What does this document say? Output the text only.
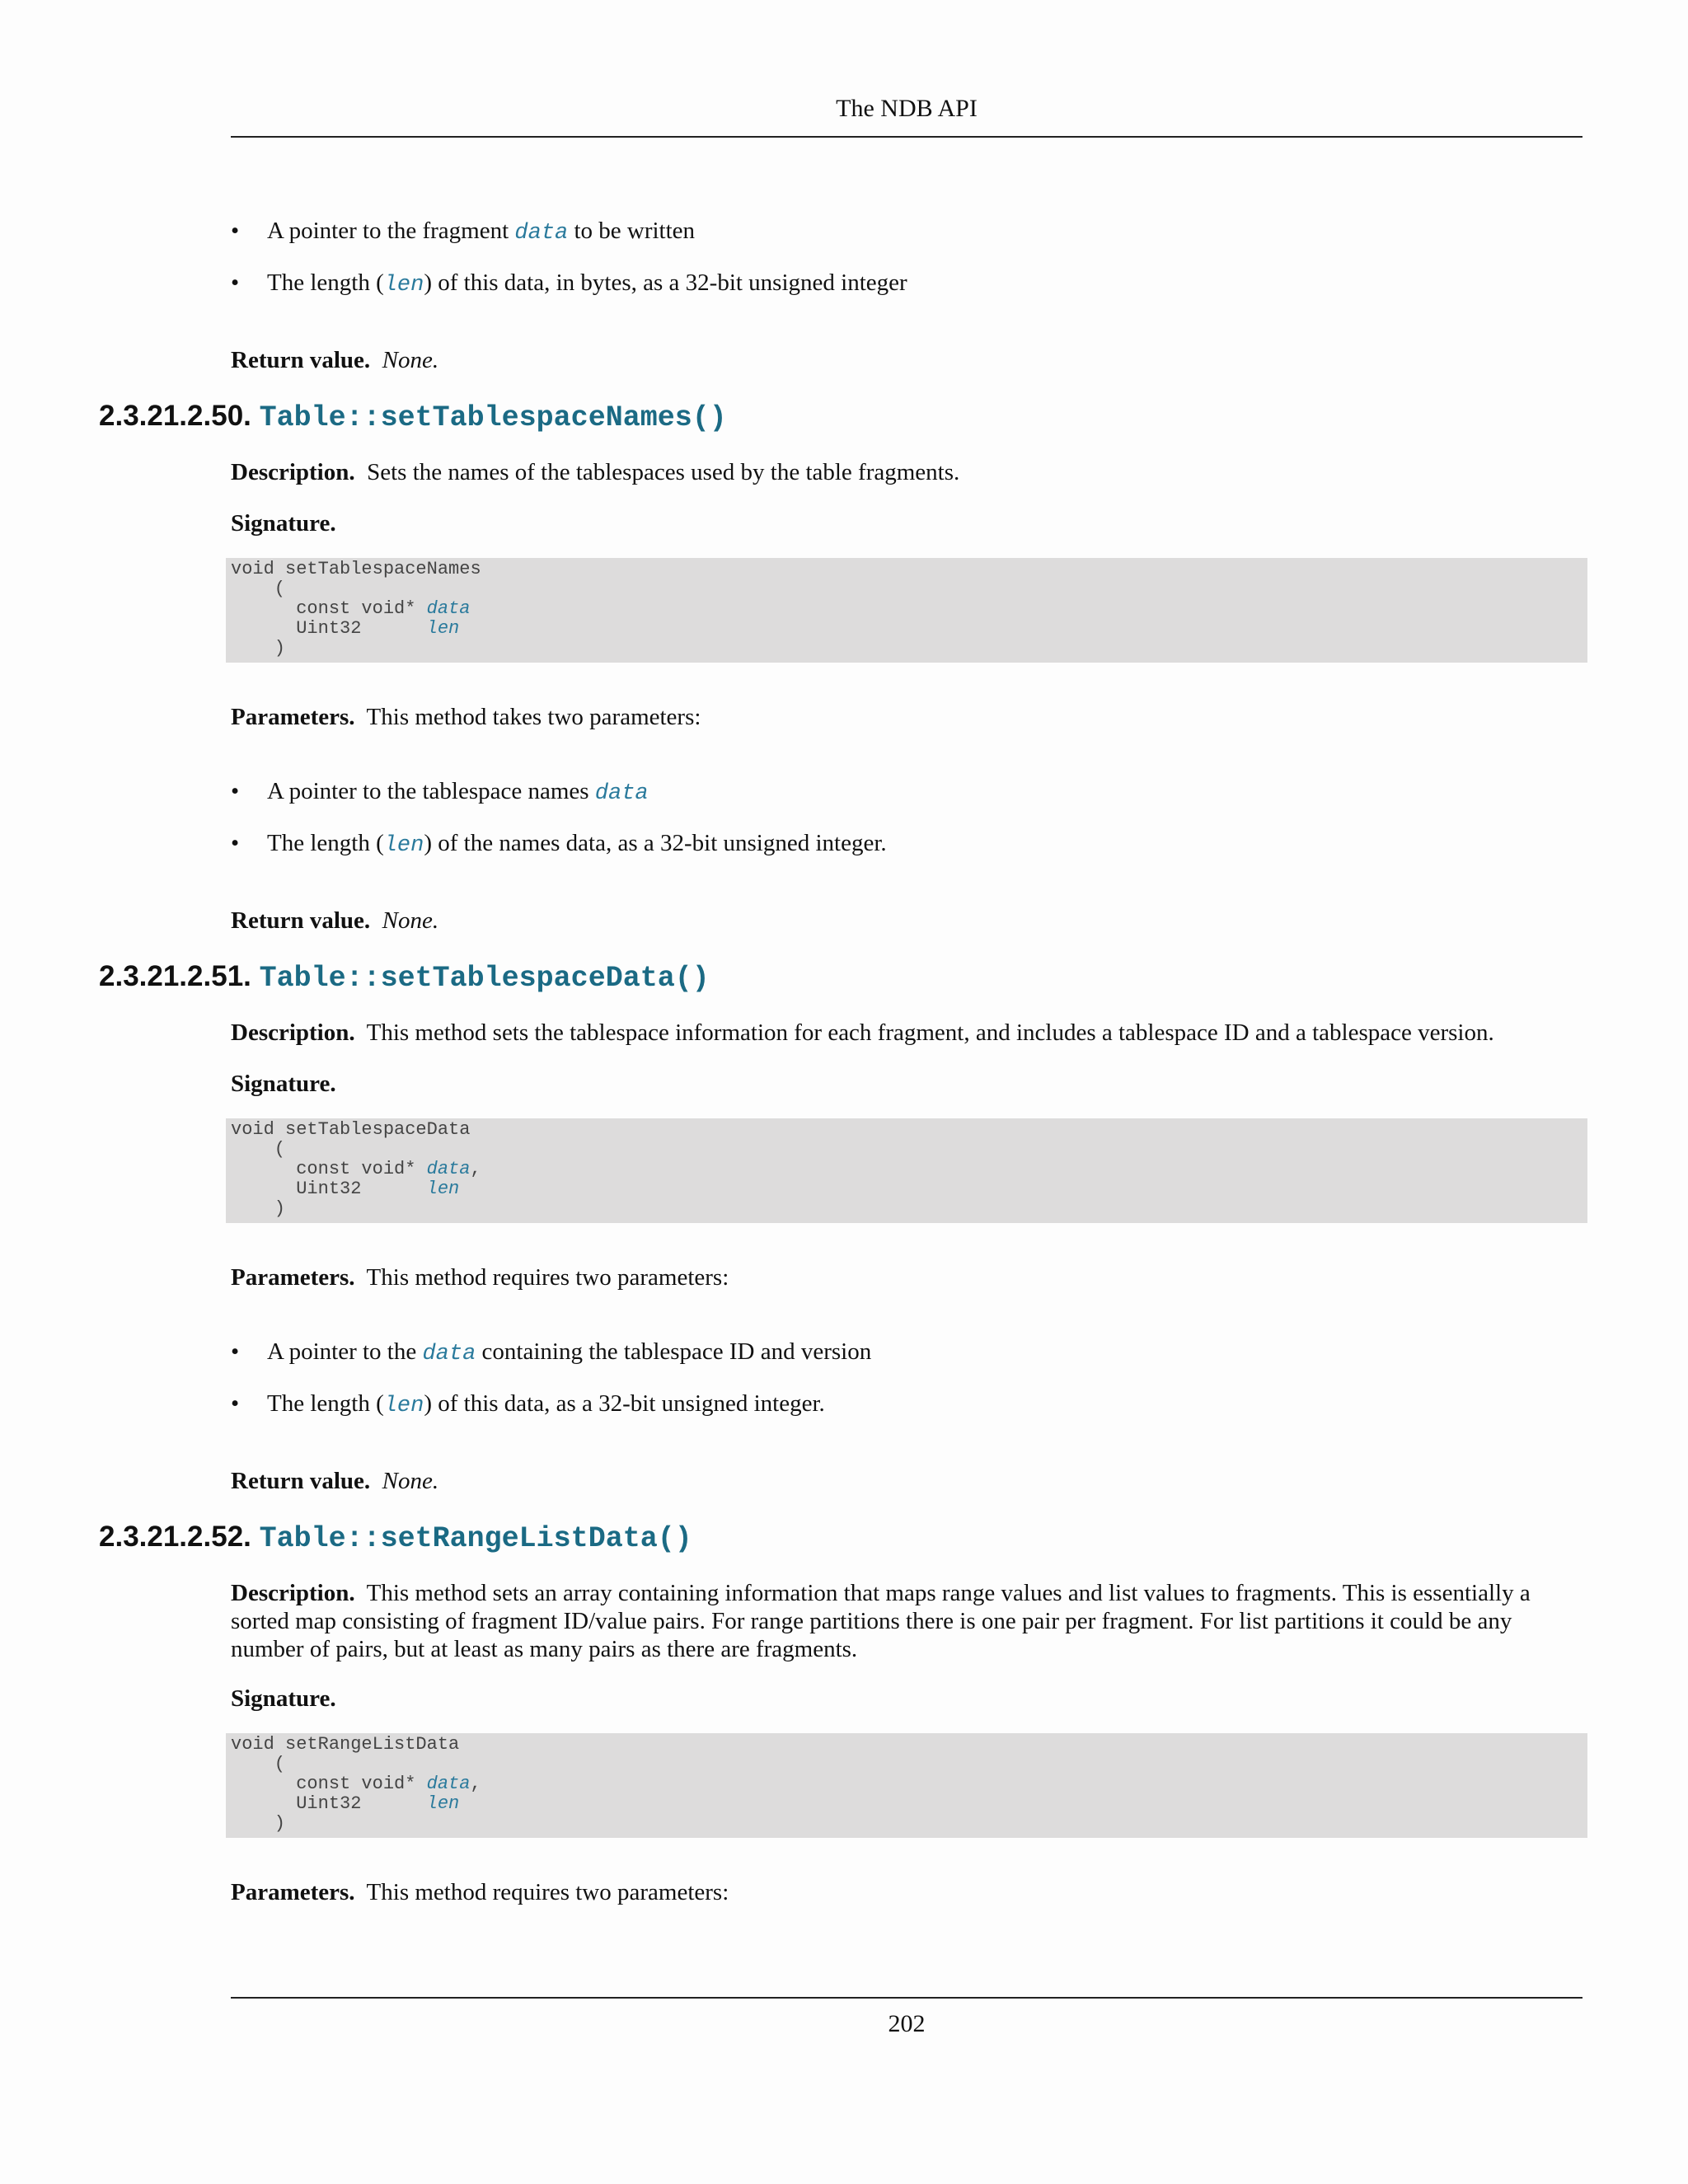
The NDB API
• A pointer to the fragment data to be written
• The length (len) of this data, in bytes, as a 32-bit unsigned integer
Return value. None.
2.3.21.2.50. Table::setTablespaceNames()
Description. Sets the names of the tablespaces used by the table fragments.
Signature.
void setTablespaceNames
(
const void* data
Uint32      len
)
Parameters. This method takes two parameters:
• A pointer to the tablespace names data
• The length (len) of the names data, as a 32-bit unsigned integer.
Return value. None.
2.3.21.2.51. Table::setTablespaceData()
Description. This method sets the tablespace information for each fragment, and includes a tablespace ID and a tablespace version.
Signature.
void setTablespaceData
(
const void* data,
Uint32      len
)
Parameters. This method requires two parameters:
• A pointer to the data containing the tablespace ID and version
• The length (len) of this data, as a 32-bit unsigned integer.
Return value. None.
2.3.21.2.52. Table::setRangeListData()
Description. This method sets an array containing information that maps range values and list values to fragments. This is essentially a
sorted map consisting of fragment ID/value pairs. For range partitions there is one pair per fragment. For list partitions it could be any
number of pairs, but at least as many pairs as there are fragments.
Signature.
void setRangeListData
(
const void* data,
Uint32      len
)
Parameters. This method requires two parameters:
202
